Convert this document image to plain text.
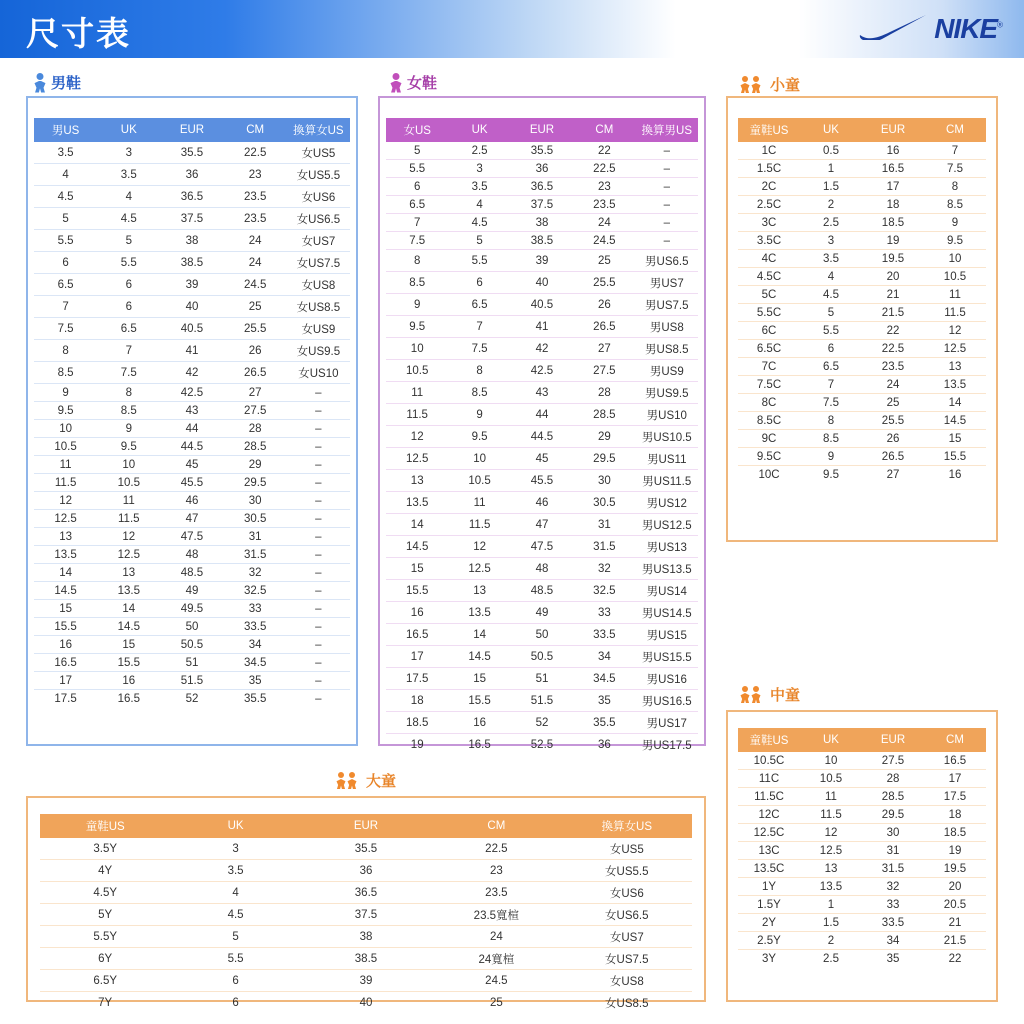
尺寸表	NIKE®
男鞋
男US	UK	EUR	CM	換算女US
3.5	3	35.5	22.5	女US5
4	3.5	36	23	女US5.5
4.5	4	36.5	23.5	女US6
5	4.5	37.5	23.5	女US6.5
5.5	5	38	24	女US7
6	5.5	38.5	24	女US7.5
6.5	6	39	24.5	女US8
7	6	40	25	女US8.5
7.5	6.5	40.5	25.5	女US9
8	7	41	26	女US9.5
8.5	7.5	42	26.5	女US10
9	8	42.5	27	–
9.5	8.5	43	27.5	–
10	9	44	28	–
10.5	9.5	44.5	28.5	–
11	10	45	29	–
11.5	10.5	45.5	29.5	–
12	11	46	30	–
12.5	11.5	47	30.5	–
13	12	47.5	31	–
13.5	12.5	48	31.5	–
14	13	48.5	32	–
14.5	13.5	49	32.5	–
15	14	49.5	33	–
15.5	14.5	50	33.5	–
16	15	50.5	34	–
16.5	15.5	51	34.5	–
17	16	51.5	35	–
17.5	16.5	52	35.5	–
女鞋
女US	UK	EUR	CM	換算男US
5	2.5	35.5	22	–
5.5	3	36	22.5	–
6	3.5	36.5	23	–
6.5	4	37.5	23.5	–
7	4.5	38	24	–
7.5	5	38.5	24.5	–
8	5.5	39	25	男US6.5
8.5	6	40	25.5	男US7
9	6.5	40.5	26	男US7.5
9.5	7	41	26.5	男US8
10	7.5	42	27	男US8.5
10.5	8	42.5	27.5	男US9
11	8.5	43	28	男US9.5
11.5	9	44	28.5	男US10
12	9.5	44.5	29	男US10.5
12.5	10	45	29.5	男US11
13	10.5	45.5	30	男US11.5
13.5	11	46	30.5	男US12
14	11.5	47	31	男US12.5
14.5	12	47.5	31.5	男US13
15	12.5	48	32	男US13.5
15.5	13	48.5	32.5	男US14
16	13.5	49	33	男US14.5
16.5	14	50	33.5	男US15
17	14.5	50.5	34	男US15.5
17.5	15	51	34.5	男US16
18	15.5	51.5	35	男US16.5
18.5	16	52	35.5	男US17
19	16.5	52.5	36	男US17.5
小童
童鞋US	UK	EUR	CM
1C	0.5	16	7
1.5C	1	16.5	7.5
2C	1.5	17	8
2.5C	2	18	8.5
3C	2.5	18.5	9
3.5C	3	19	9.5
4C	3.5	19.5	10
4.5C	4	20	10.5
5C	4.5	21	11
5.5C	5	21.5	11.5
6C	5.5	22	12
6.5C	6	22.5	12.5
7C	6.5	23.5	13
7.5C	7	24	13.5
8C	7.5	25	14
8.5C	8	25.5	14.5
9C	8.5	26	15
9.5C	9	26.5	15.5
10C	9.5	27	16
中童
童鞋US	UK	EUR	CM
10.5C	10	27.5	16.5
11C	10.5	28	17
11.5C	11	28.5	17.5
12C	11.5	29.5	18
12.5C	12	30	18.5
13C	12.5	31	19
13.5C	13	31.5	19.5
1Y	13.5	32	20
1.5Y	1	33	20.5
2Y	1.5	33.5	21
2.5Y	2	34	21.5
3Y	2.5	35	22
大童
童鞋US	UK	EUR	CM	換算女US
3.5Y	3	35.5	22.5	女US5
4Y	3.5	36	23	女US5.5
4.5Y	4	36.5	23.5	女US6
5Y	4.5	37.5	23.5寬楦	女US6.5
5.5Y	5	38	24	女US7
6Y	5.5	38.5	24寬楦	女US7.5
6.5Y	6	39	24.5	女US8
7Y	6	40	25	女US8.5
